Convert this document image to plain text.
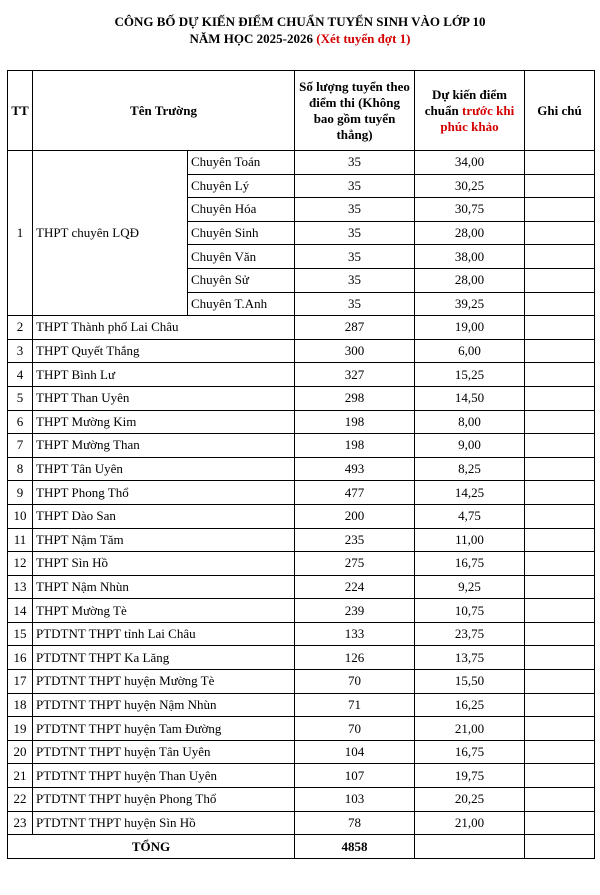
CÔNG BỐ DỰ KIẾN ĐIỂM CHUẨN TUYỂN SINH VÀO LỚP 10
NĂM HỌC 2025-2026 (Xét tuyển đợt 1)
TT	Tên Trường		Số lượng tuyển theo điểm thi (Không bao gồm tuyển thẳng)	Dự kiến điểm chuẩn trước khi phúc khảo	Ghi chú
1	THPT chuyên LQĐ	Chuyên Toán	35	34,00	
		Chuyên Lý	35	30,25	
		Chuyên Hóa	35	30,75	
		Chuyên Sinh	35	28,00	
		Chuyên Văn	35	38,00	
		Chuyên Sử	35	28,00	
		Chuyên T.Anh	35	39,25	
2	THPT Thành phố Lai Châu		287	19,00	
3	THPT Quyết Thắng		300	6,00	
4	THPT Bình Lư		327	15,25	
5	THPT Than Uyên		298	14,50	
6	THPT Mường Kim		198	8,00	
7	THPT Mường Than		198	9,00	
8	THPT Tân Uyên		493	8,25	
9	THPT Phong Thổ		477	14,25	
10	THPT Dào San		200	4,75	
11	THPT Nậm Tăm		235	11,00	
12	THPT Sìn Hồ		275	16,75	
13	THPT Nậm Nhùn		224	9,25	
14	THPT Mường Tè		239	10,75	
15	PTDTNT THPT tỉnh Lai Châu		133	23,75	
16	PTDTNT THPT Ka Lăng		126	13,75	
17	PTDTNT THPT huyện Mường Tè		70	15,50	
18	PTDTNT THPT huyện Nậm Nhùn		71	16,25	
19	PTDTNT THPT huyện Tam Đường		70	21,00	
20	PTDTNT THPT huyện Tân Uyên		104	16,75	
21	PTDTNT THPT huyện Than Uyên		107	19,75	
22	PTDTNT THPT huyện Phong Thổ		103	20,25	
23	PTDTNT THPT huyện Sìn Hồ		78	21,00	
TỔNG			4858		
